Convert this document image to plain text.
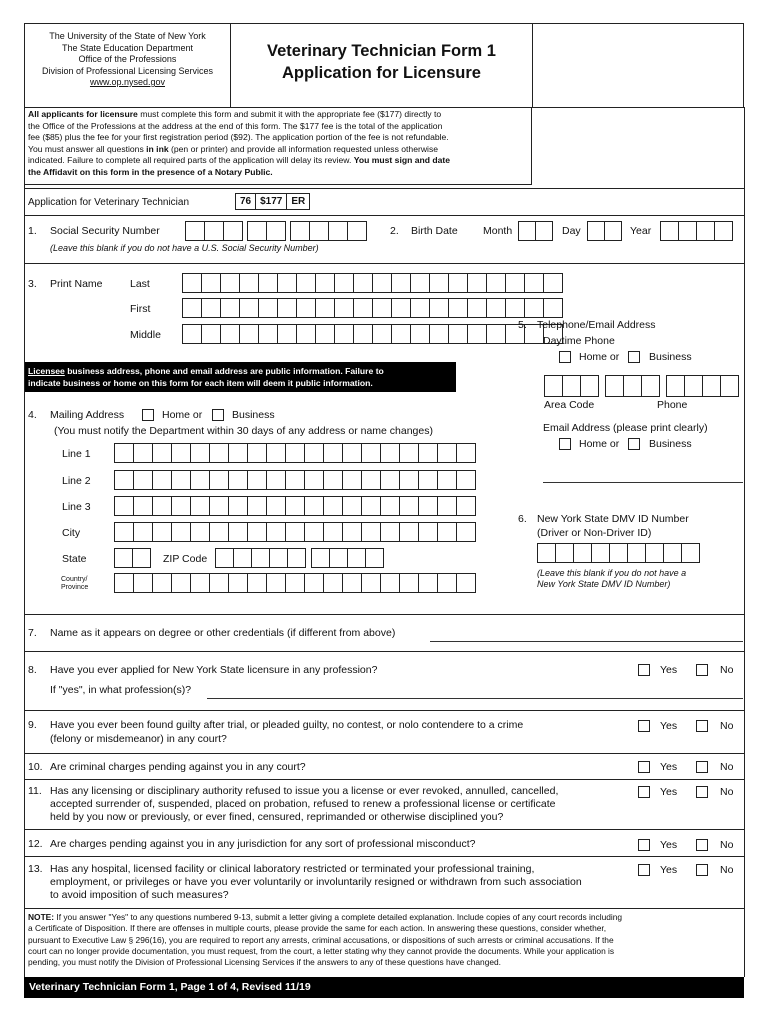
The University of the State of New York
The State Education Department
Office of the Professions
Division of Professional Licensing Services
www.op.nysed.gov
Veterinary Technician Form 1
Application for Licensure
All applicants for licensure must complete this form and submit it with the appropriate fee ($177) directly to
the Office of the Professions at the address at the end of this form. The $177 fee is the total of the application
fee ($85) plus the fee for your first registration period ($92). The application portion of the fee is not refundable.
You must answer all questions in ink (pen or printer) and provide all information requested unless otherwise
indicated. Failure to complete all required parts of the application will delay its review. You must sign and date
the Affidavit on this form in the presence of a Notary Public.
Application for Veterinary Technician	76 $177 ER
1. Social Security Number
(Leave this blank if you do not have a U.S. Social Security Number)
2. Birth Date Month	Day	Year
3. Print Name	Last
First
Middle
5. Telephone/Email Address
Daytime Phone
Home or	Business
Area Code	Phone
Email Address (please print clearly)
Home or	Business
Licensee business address, phone and email address are public information. Failure to
indicate business or home on this form for each item will deem it public information.
4. Mailing Address	Home or	Business
(You must notify the Department within 30 days of any address or name changes)
Line 1
Line 2
Line 3
City
State	ZIP Code
Country/
Province
6. New York State DMV ID Number
(Driver or Non-Driver ID)
(Leave this blank if you do not have a
New York State DMV ID Number)
7. Name as it appears on degree or other credentials (if different from above)
8. Have you ever applied for New York State licensure in any profession?
If "yes", in what profession(s)?
Yes	No
9. Have you ever been found guilty after trial, or pleaded guilty, no contest, or nolo contendere to a crime
(felony or misdemeanor) in any court?
Yes	No
10. Are criminal charges pending against you in any court?	Yes	No
11. Has any licensing or disciplinary authority refused to issue you a license or ever revoked, annulled, cancelled,
accepted surrender of, suspended, placed on probation, refused to renew a professional license or certificate
held by you now or previously, or ever fined, censured, reprimanded or otherwise disciplined you?
Yes	No
12. Are charges pending against you in any jurisdiction for any sort of professional misconduct?	Yes	No
13. Has any hospital, licensed facility or clinical laboratory restricted or terminated your professional training,
employment, or privileges or have you ever voluntarily or involuntarily resigned or withdrawn from such association
to avoid imposition of such measures?
Yes	No
NOTE: If you answer "Yes" to any questions numbered 9-13, submit a letter giving a complete detailed explanation. Include copies of any court records including
a Certificate of Disposition. If there are offenses in multiple courts, please provide the same for each action. In answering these questions, consider whether,
pursuant to Executive Law § 296(16), you are required to report any arrests, criminal accusations, or dispositions of such arrests or criminal accusations. If the
court can no longer provide documentation, you must request, from the court, a letter stating why they cannot provide the documents. While your application is
pending, you must notify the Division of Professional Licensing Services if the answers to any of these questions have changed.
Veterinary Technician Form 1, Page 1 of 4, Revised 11/19
